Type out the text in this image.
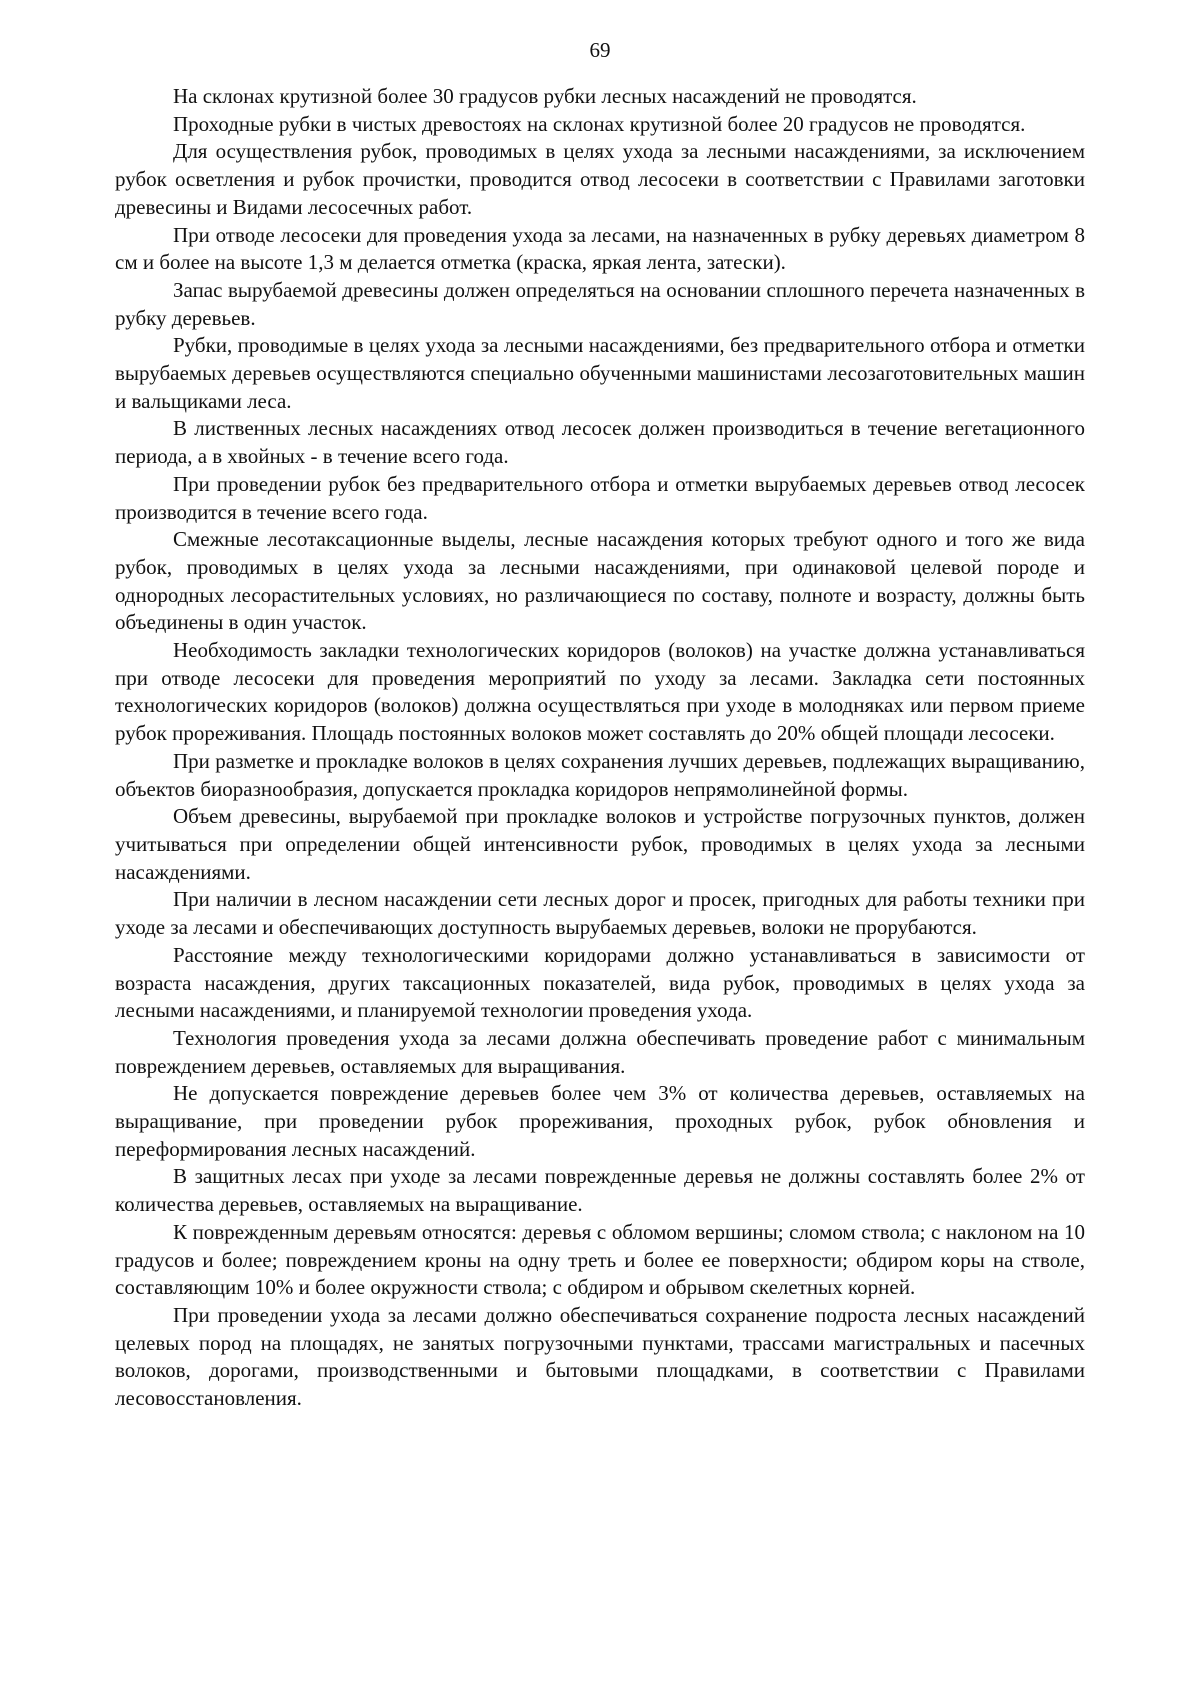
69

На склонах крутизной более 30 градусов рубки лесных насаждений не проводятся.

Проходные рубки в чистых древостоях на склонах крутизной более 20 градусов не проводятся.

Для осуществления рубок, проводимых в целях ухода за лесными насаждениями, за исключением рубок осветления и рубок прочистки, проводится отвод лесосеки в соответствии с Правилами заготовки древесины и Видами лесосечных работ.

При отводе лесосеки для проведения ухода за лесами, на назначенных в рубку деревьях диаметром 8 см и более на высоте 1,3 м делается отметка (краска, яркая лента, затески).

Запас вырубаемой древесины должен определяться на основании сплошного перечета назначенных в рубку деревьев.

Рубки, проводимые в целях ухода за лесными насаждениями, без предварительного отбора и отметки вырубаемых деревьев осуществляются специально обученными машинистами лесозаготовительных машин и вальщиками леса.

В лиственных лесных насаждениях отвод лесосек должен производиться в течение вегетационного периода, а в хвойных - в течение всего года.

При проведении рубок без предварительного отбора и отметки вырубаемых деревьев отвод лесосек производится в течение всего года.

Смежные лесотаксационные выделы, лесные насаждения которых требуют одного и того же вида рубок, проводимых в целях ухода за лесными насаждениями, при одинаковой целевой породе и однородных лесорастительных условиях, но различающиеся по составу, полноте и возрасту, должны быть объединены в один участок.

Необходимость закладки технологических коридоров (волоков) на участке должна устанавливаться при отводе лесосеки для проведения мероприятий по уходу за лесами. Закладка сети постоянных технологических коридоров (волоков) должна осуществляться при уходе в молодняках или первом приеме рубок прореживания. Площадь постоянных волоков может составлять до 20% общей площади лесосеки.

При разметке и прокладке волоков в целях сохранения лучших деревьев, подлежащих выращиванию, объектов биоразнообразия, допускается прокладка коридоров непрямолинейной формы.

Объем древесины, вырубаемой при прокладке волоков и устройстве погрузочных пунктов, должен учитываться при определении общей интенсивности рубок, проводимых в целях ухода за лесными насаждениями.

При наличии в лесном насаждении сети лесных дорог и просек, пригодных для работы техники при уходе за лесами и обеспечивающих доступность вырубаемых деревьев, волоки не прорубаются.

Расстояние между технологическими коридорами должно устанавливаться в зависимости от возраста насаждения, других таксационных показателей, вида рубок, проводимых в целях ухода за лесными насаждениями, и планируемой технологии проведения ухода.

Технология проведения ухода за лесами должна обеспечивать проведение работ с минимальным повреждением деревьев, оставляемых для выращивания.

Не допускается повреждение деревьев более чем 3% от количества деревьев, оставляемых на выращивание, при проведении рубок прореживания, проходных рубок, рубок обновления и переформирования лесных насаждений.

В защитных лесах при уходе за лесами поврежденные деревья не должны составлять более 2% от количества деревьев, оставляемых на выращивание.

К поврежденным деревьям относятся: деревья с обломом вершины; сломом ствола; с наклоном на 10 градусов и более; повреждением кроны на одну треть и более ее поверхности; обдиром коры на стволе, составляющим 10% и более окружности ствола; с обдиром и обрывом скелетных корней.

При проведении ухода за лесами должно обеспечиваться сохранение подроста лесных насаждений целевых пород на площадях, не занятых погрузочными пунктами, трассами магистральных и пасечных волоков, дорогами, производственными и бытовыми площадками, в соответствии с Правилами лесовосстановления.
